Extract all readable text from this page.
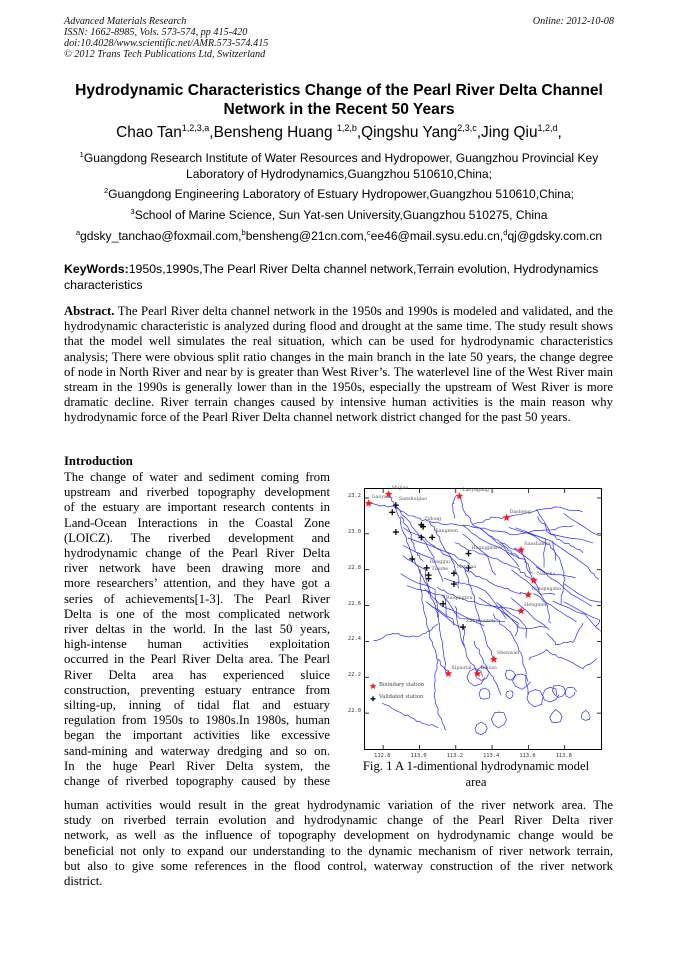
Advanced Materials Research
ISSN: 1662-8985, Vols. 573-574, pp 415-420
doi:10.4028/www.scientific.net/AMR.573-574.415
© 2012 Trans Tech Publications Ltd, Switzerland
Online: 2012-10-08
Hydrodynamic Characteristics Change of the Pearl River Delta Channel
Network in the Recent 50 Years
Chao Tan$^{1,2,3,a}$,Bensheng Huang $^{1,2,b}$,Qingshu Yang$^{2,3,c}$,Jing Qiu$^{1,2,d}$,
$^1$Guangdong Research Institute of Water Resources and Hydropower, Guangzhou Provincial Key
Laboratory of Hydrodynamics,Guangzhou 510610,China;
$^2$Guangdong Engineering Laboratory of Estuary Hydropower,Guangzhou 510610,China;
$^3$School of Marine Science, Sun Yat-sen University,Guangzhou 510275, China
$^a$gdsky_tanchao@foxmail.com,$^b$bensheng@21cn.com,$^c$ee46@mail.sysu.edu.cn,$^d$qj@gdsky.com.cn
KeyWords:1950s,1990s,The Pearl River Delta channel network,Terrain evolution, Hydrodynamics characteristics
Abstract. The Pearl River delta channel network in the 1950s and 1990s is modeled and validated, and the hydrodynamic characteristic is analyzed during flood and drought at the same time. The study result shows that the model well simulates the real situation, which can be used for hydrodynamic characteristics analysis; There were obvious split ratio changes in the main branch in the late 50 years, the change degree of node in North River and near by is greater than West River’s. The waterlevel line of the West River main stream in the 1990s is generally lower than in the 1950s, especially the upstream of West River is more dramatic decline. River terrain changes caused by intensive human activities is the main reason why hydrodynamic force of the Pearl River Delta channel network district changed for the past 50 years.
Introduction
The change of water and sediment coming from
upstream and riverbed topography development
of the estuary are important research contents in
Land-Ocean Interactions in the Coastal Zone
(LOICZ). The riverbed development and
hydrodynamic change of the Pearl River Delta
river network have been drawing more and
more researchers’ attention, and they have got a
series of achievements[1-3]. The Pearl River
Delta is one of the most complicated network
river deltas in the world. In the last 50 years,
high-intense human activities exploitation
occurred in the Pearl River Delta area. The Pearl
River Delta area has experienced sluice
construction, preventing estuary entrance from
silting-up, inning of tidal flat and estuary
regulation from 1950s to 1980s.In 1980s, human
began the important activities like excessive
sand-mining and waterway dredging and so on.
In the huge Pearl River Delta system, the
change of riverbed topography caused by these
human activities would result in the great hydrodynamic variation of the river network area. The
study on riverbed terrain evolution and hydrodynamic change of the Pearl River Delta river
network, as well as the influence of topography development on hydrodynamic change would be
beneficial not only to expand our understanding to the dynamic mechanism of river network terrain,
but also to give some references in the flood control, waterway construction of the river network
district.
112.8	113.0	113.2	113.4	113.6	113.8
23.2
23.0
22.8
22.6
22.4
22.2
22.0
Shijiao
Gaoyao
Laoyagang
Dasheng
Sanshakou
Nansha
Wanqingsha
Hengmen
Shenwan
Xipaotai Baizao
Sanshuijiao
Zidong
Jiangmen
Huangjinwei
Ronggui
Tianhe Nanhua
Baiqingtou
Zhuzhoutou
Boundary station
Validated station
Fig. 1 A 1-dimentional hydrodynamic model
area
